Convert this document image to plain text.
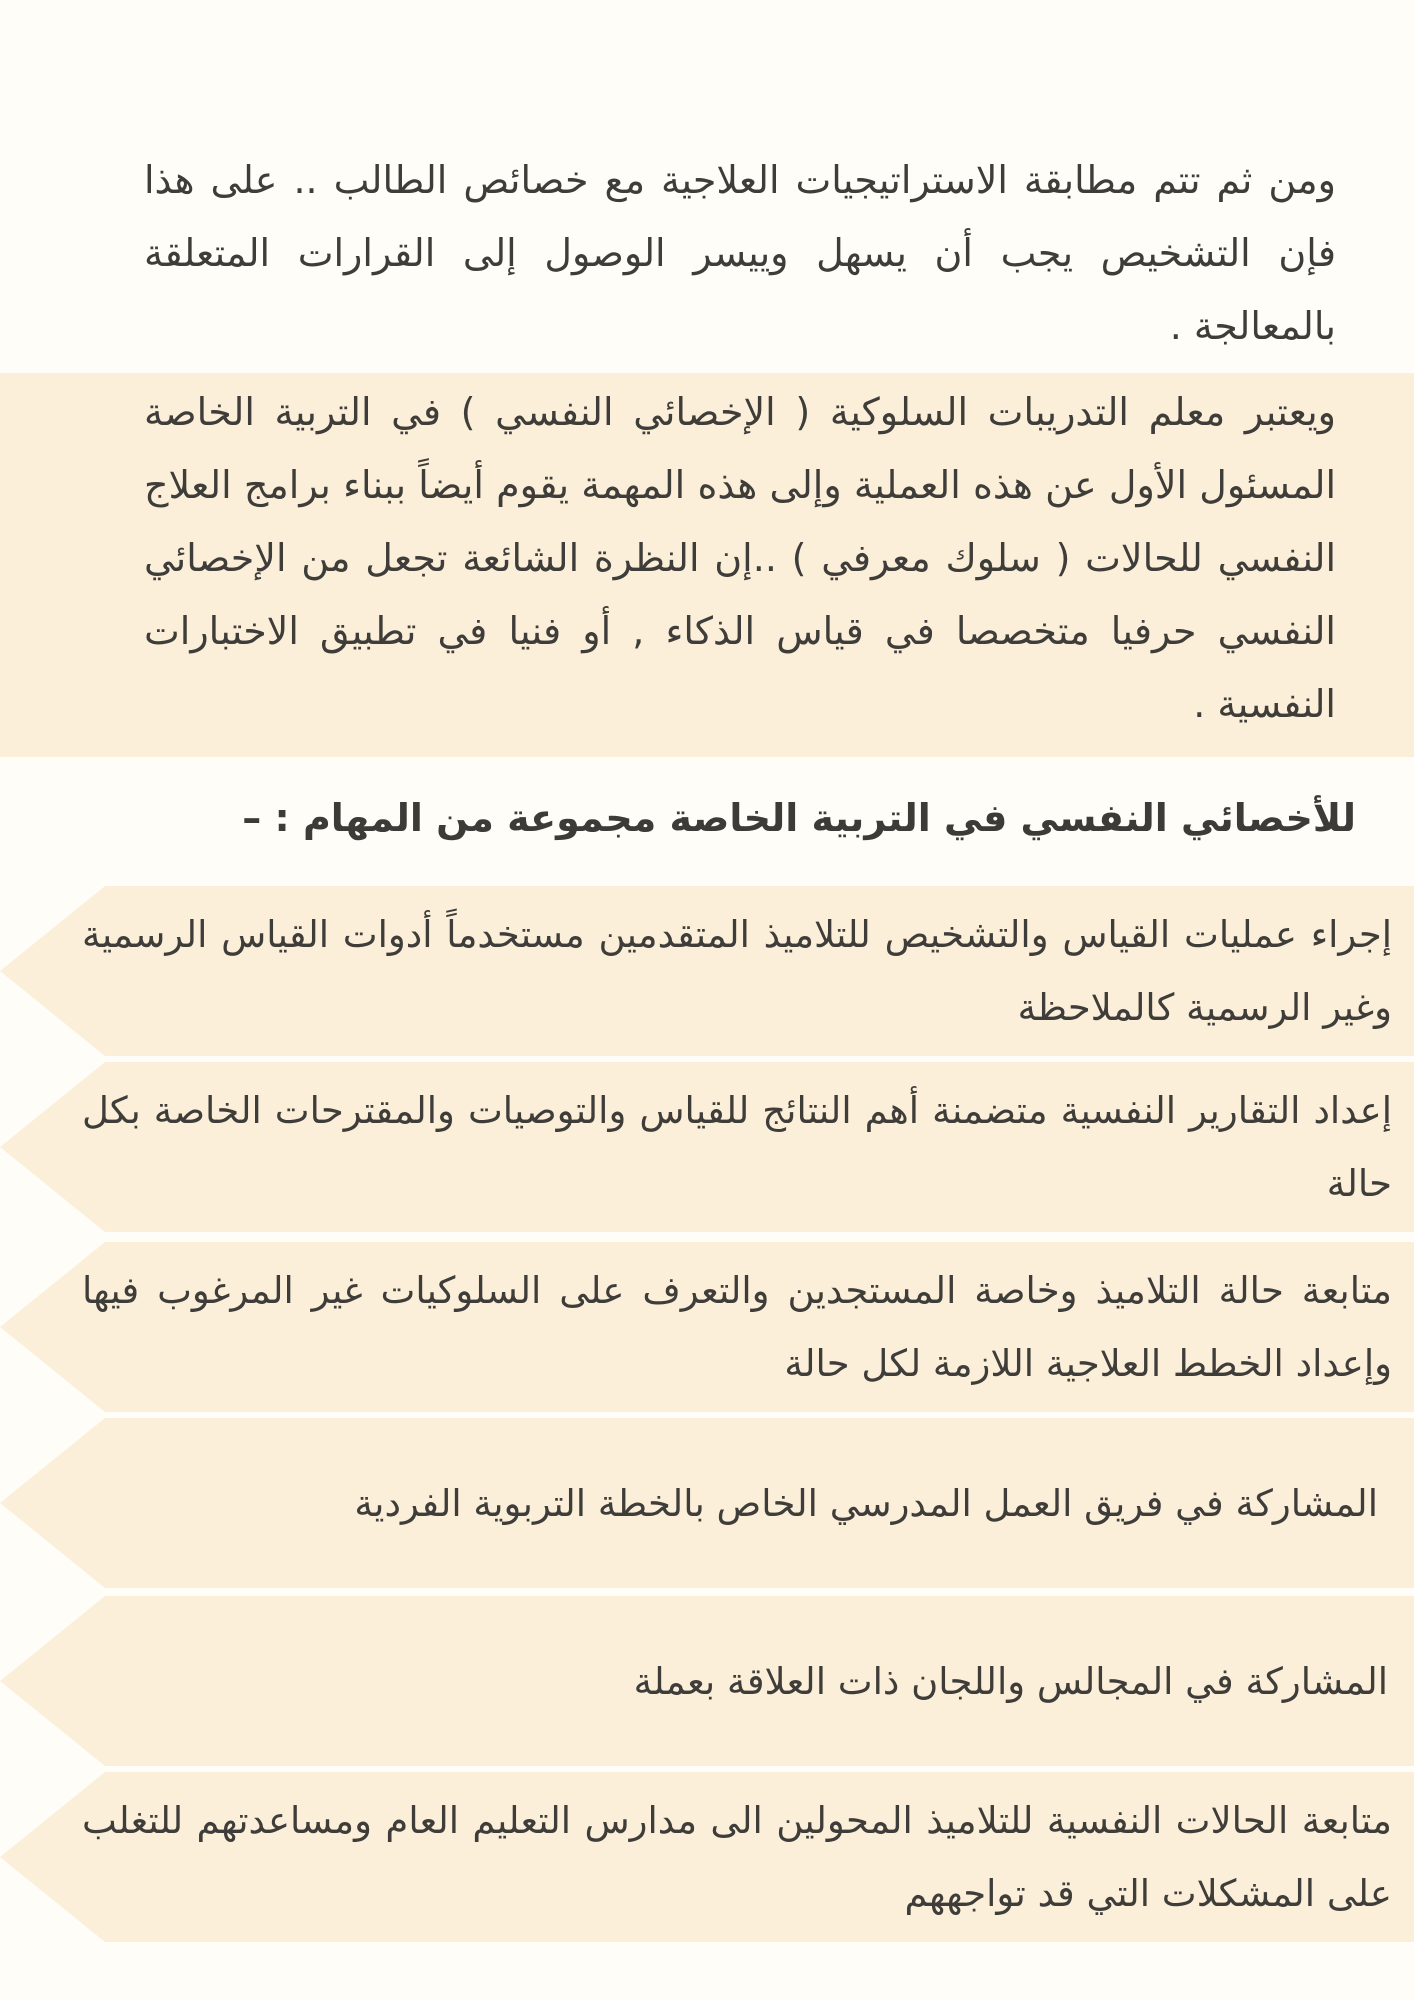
ومن ثم تتم مطابقة الاستراتيجيات العلاجية مع خصائص الطالب .. على هذا فإن التشخيص يجب أن يسهل وييسر الوصول إلى القرارات المتعلقة بالمعالجة .
ويعتبر معلم التدريبات السلوكية ( الإخصائي النفسي ) في التربية الخاصة المسئول الأول عن هذه العملية وإلى هذه المهمة يقوم أيضاً ببناء برامج العلاج النفسي للحالات ( سلوك معرفي ) ..إن النظرة الشائعة تجعل من الإخصائي النفسي حرفيا متخصصا في قياس الذكاء , أو فنيا في تطبيق الاختبارات النفسية .
للأخصائي النفسي في التربية الخاصة مجموعة من المهام : –
إجراء عمليات القياس والتشخيص للتلاميذ المتقدمين مستخدماً أدوات القياس الرسمية وغير الرسمية كالملاحظة
إعداد التقارير النفسية متضمنة أهم النتائج للقياس والتوصيات والمقترحات الخاصة بكل حالة
متابعة حالة التلاميذ وخاصة المستجدين والتعرف على السلوكيات غير المرغوب فيها وإعداد الخطط العلاجية اللازمة لكل حالة
المشاركة في فريق العمل المدرسي الخاص بالخطة التربوية الفردية
المشاركة في المجالس واللجان ذات العلاقة بعملة
متابعة الحالات النفسية للتلاميذ المحولين الى مدارس التعليم العام ومساعدتهم للتغلب على المشكلات التي قد تواجههم
